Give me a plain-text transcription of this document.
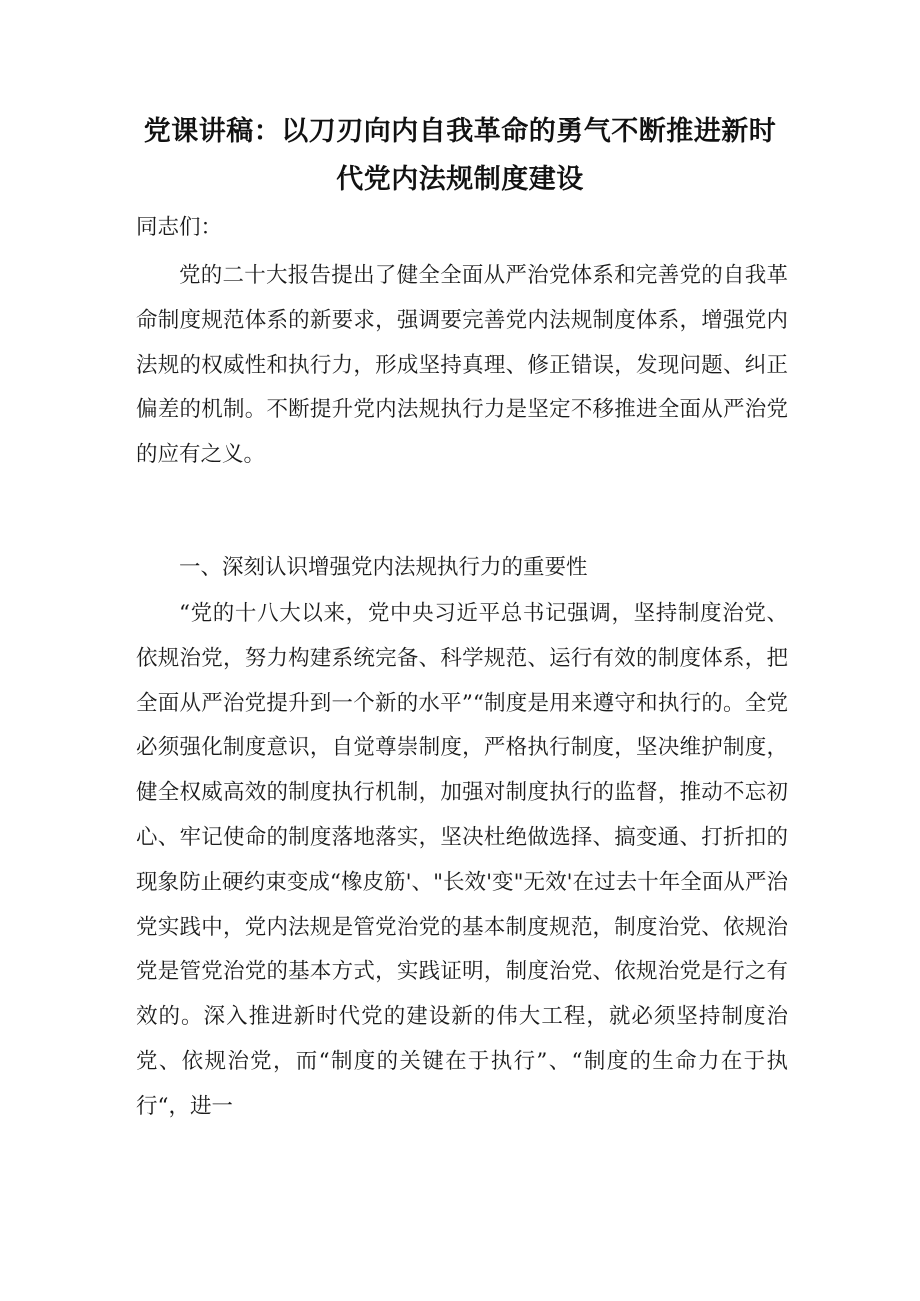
党课讲稿：以刀刃向内自我革命的勇气不断推进新时
代党内法规制度建设

同志们：

党的二十大报告提出了健全全面从严治党体系和完善党的自我革命制度规范体系的新要求，强调要完善党内法规制度体系，增强党内法规的权威性和执行力，形成坚持真理、修正错误，发现问题、纠正偏差的机制。不断提升党内法规执行力是坚定不移推进全面从严治党的应有之义。

一、深刻认识增强党内法规执行力的重要性

“党的十八大以来，党中央习近平总书记强调，坚持制度治党、依规治党，努力构建系统完备、科学规范、运行有效的制度体系，把全面从严治党提升到一个新的水平”“制度是用来遵守和执行的。全党必须强化制度意识，自觉尊崇制度，严格执行制度，坚决维护制度，健全权威高效的制度执行机制，加强对制度执行的监督，推动不忘初心、牢记使命的制度落地落实，坚决杜绝做选择、搞变通、打折扣的现象防止硬约束变成“橡皮筋'、"长效'变"无效'在过去十年全面从严治党实践中，党内法规是管党治党的基本制度规范，制度治党、依规治党是管党治党的基本方式，实践证明，制度治党、依规治党是行之有效的。深入推进新时代党的建设新的伟大工程，就必须坚持制度治党、依规治党，而“制度的关键在于执行”、“制度的生命力在于执行“，进一
